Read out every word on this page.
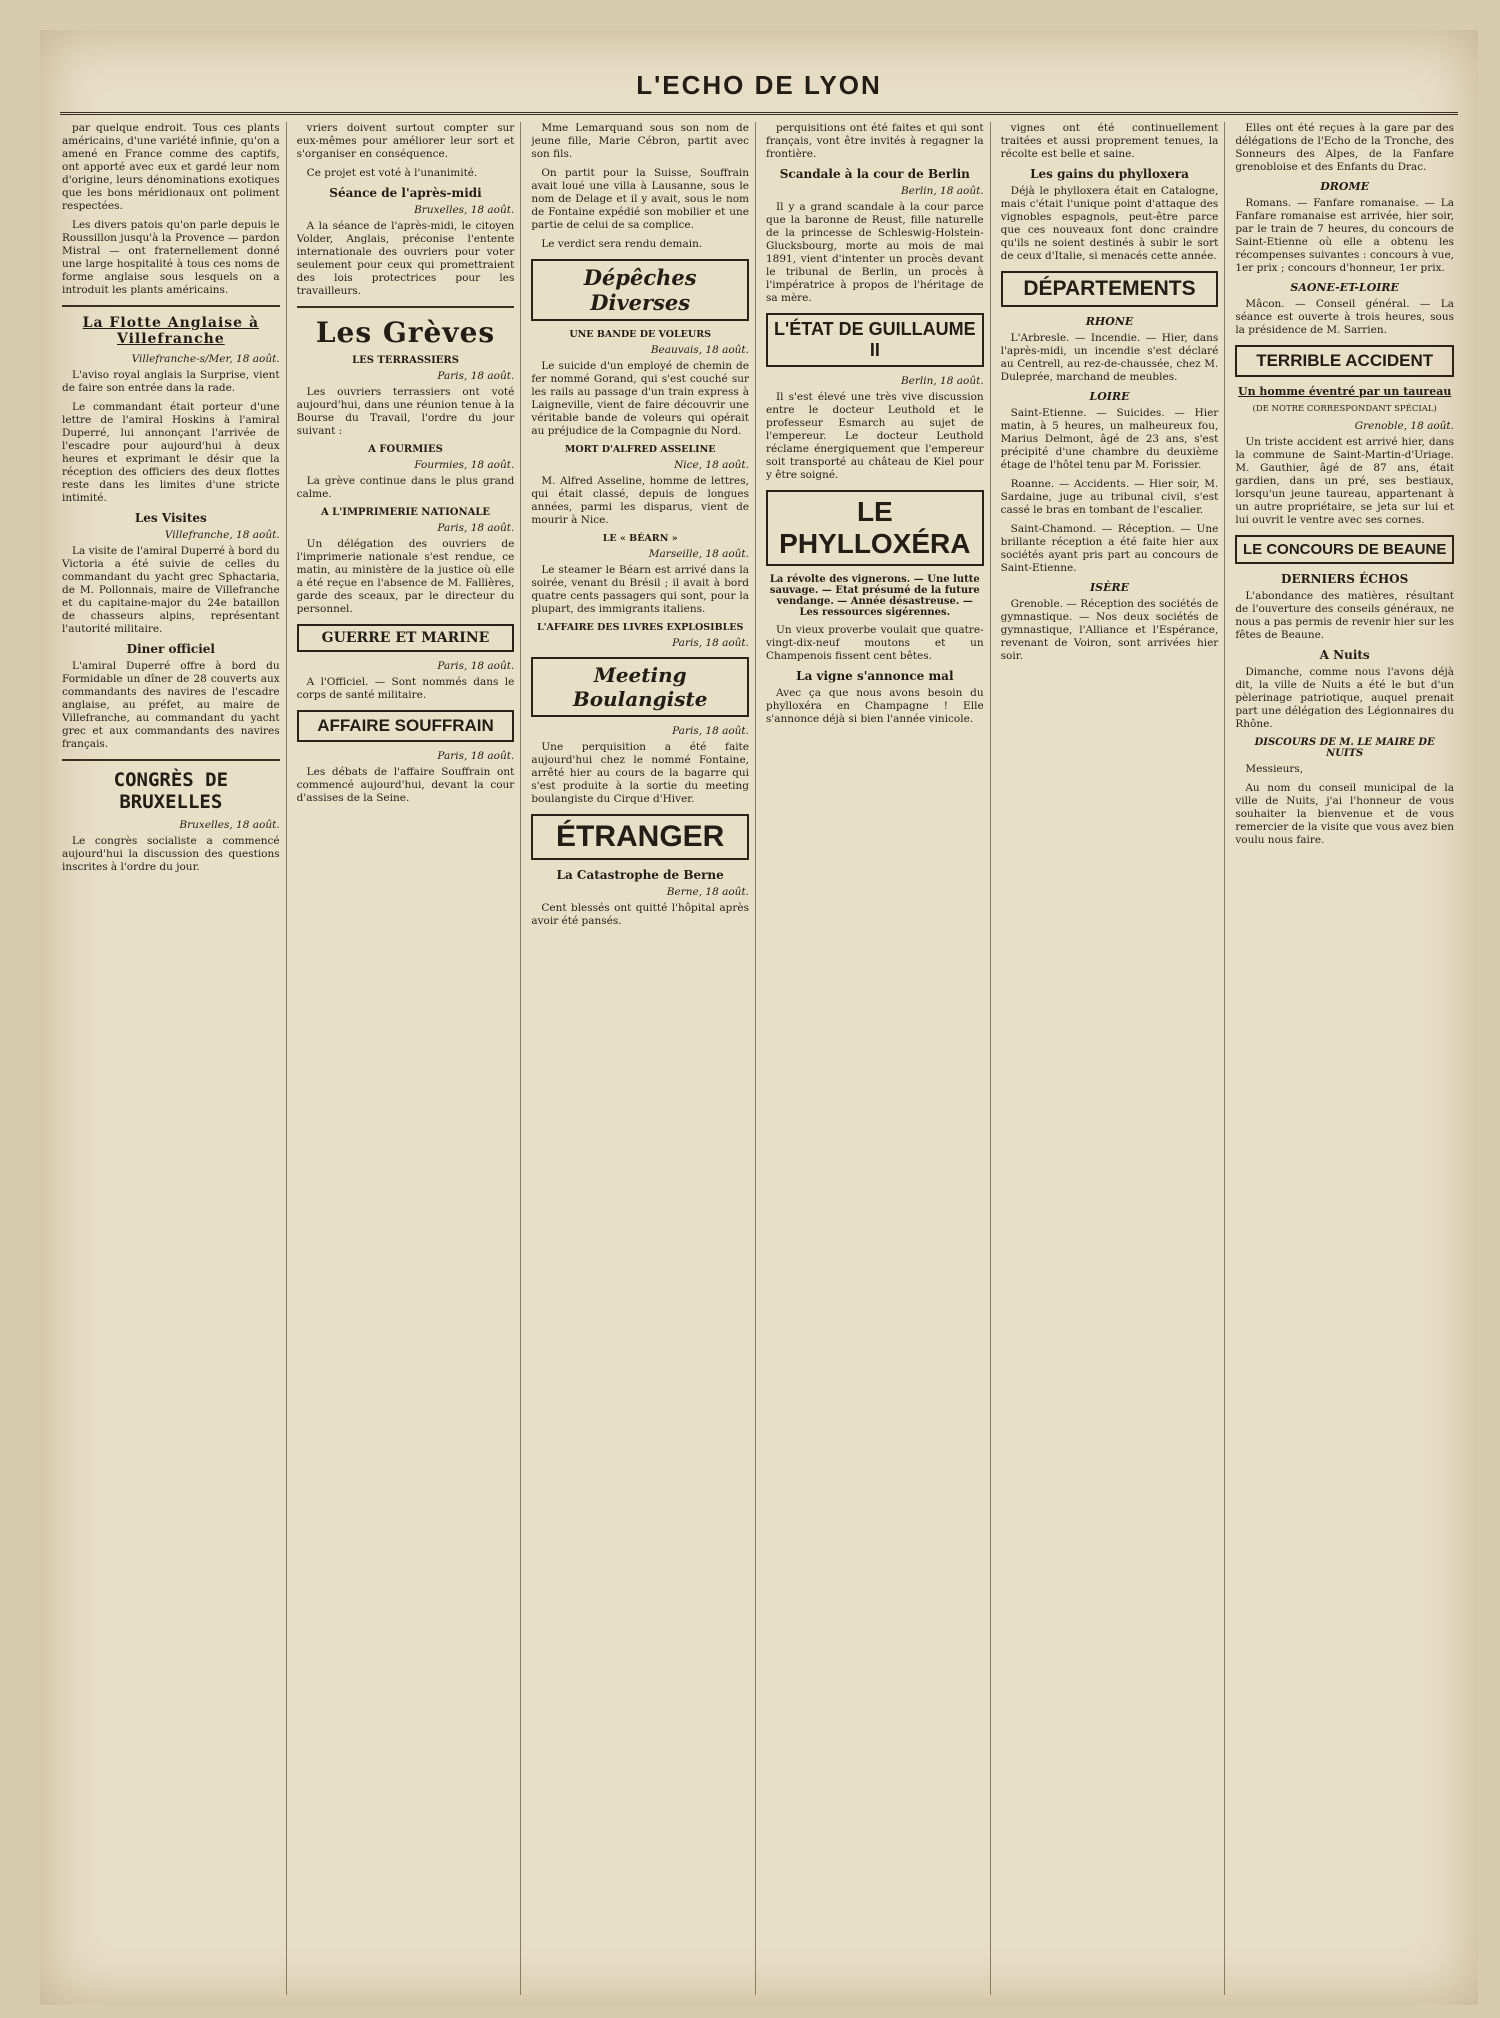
L'ECHO DE LYON

par quelque endroit. Tous ces plants américains, d'une variété infinie, qu'on a amené en France comme des captifs, ont apporté avec eux et gardé leur nom d'origine, leurs dénominations exotiques que les bons méridionaux ont poliment respectées.

Les divers patois qu'on parle depuis le Roussillon jusqu'à la Provence — pardon Mistral — ont fraternellement donné une large hospitalité à tous ces noms de forme anglaise sous lesquels on a introduit les plants américains.

La Flotte Anglaise à Villefranche
Villefranche-s/Mer, 18 août.

L'aviso royal anglais la Surprise, vient de faire son entrée dans la rade.

Le commandant était porteur d'une lettre de l'amiral Hoskins à l'amiral Duperré, lui annonçant l'arrivée de l'escadre pour aujourd'hui à deux heures et exprimant le désir que la réception des officiers des deux flottes reste dans les limites d'une stricte intimité.

Les Visites
Villefranche, 18 août.

La visite de l'amiral Duperré à bord du Victoria a été suivie de celles du commandant du yacht grec Sphactaria, de M. Pollonnais, maire de Villefranche et du capitaine-major du 24e bataillon de chasseurs alpins, représentant l'autorité militaire.

Diner officiel

L'amiral Duperré offre à bord du Formidable un dîner de 28 couverts aux commandants des navires de l'escadre anglaise, au préfet, au maire de Villefranche, au commandant du yacht grec et aux commandants des navires français.

CONGRÈS DE BRUXELLES
Bruxelles, 18 août.

Le congrès socialiste a commencé aujourd'hui la discussion des questions inscrites à l'ordre du jour.

vriers doivent surtout compter sur eux-mêmes pour améliorer leur sort et s'organiser en conséquence.

Ce projet est voté à l'unanimité.

Séance de l'après-midi
Bruxelles, 18 août.

A la séance de l'après-midi, le citoyen Volder, Anglais, préconise l'entente internationale des ouvriers pour voter seulement pour ceux qui promettraient des lois protectrices pour les travailleurs.

Les Grèves
LES TERRASSIERS
Paris, 18 août.

Les ouvriers terrassiers ont voté aujourd'hui, dans une réunion tenue à la Bourse du Travail, l'ordre du jour suivant :

A FOURMIES
Fourmies, 18 août.

La grève continue dans le plus grand calme.

A L'IMPRIMERIE NATIONALE
Paris, 18 août.

Un délégation des ouvriers de l'imprimerie nationale s'est rendue, ce matin, au ministère de la justice où elle a été reçue en l'absence de M. Fallières, garde des sceaux, par le directeur du personnel.

GUERRE ET MARINE
Paris, 18 août.

A l'Officiel. — Sont nommés dans le corps de santé militaire.

AFFAIRE SOUFFRAIN
Paris, 18 août.

Les débats de l'affaire Souffrain ont commencé aujourd'hui, devant la cour d'assises de la Seine.

Mme Lemarquand sous son nom de jeune fille, Marie Cébron, partit avec son fils.

On partit pour la Suisse, Souffrain avait loué une villa à Lausanne, sous le nom de Delage et il y avait, sous le nom de Fontaine expédié son mobilier et une partie de celui de sa complice.

Le verdict sera rendu demain.

Dépêches Diverses
UNE BANDE DE VOLEURS
Beauvais, 18 août.

Le suicide d'un employé de chemin de fer nommé Gorand, qui s'est couché sur les rails au passage d'un train express à Laigneville, vient de faire découvrir une véritable bande de voleurs qui opérait au préjudice de la Compagnie du Nord.

MORT D'ALFRED ASSELINE
Nice, 18 août.

M. Alfred Asseline, homme de lettres, qui était classé, depuis de longues années, parmi les disparus, vient de mourir à Nice.

LE « BÉARN »
Marseille, 18 août.

Le steamer le Béarn est arrivé dans la soirée, venant du Brésil ; il avait à bord quatre cents passagers qui sont, pour la plupart, des immigrants italiens.

L'AFFAIRE DES LIVRES EXPLOSIBLES
Paris, 18 août.
Meeting Boulangiste
Paris, 18 août.

Une perquisition a été faite aujourd'hui chez le nommé Fontaine, arrêté hier au cours de la bagarre qui s'est produite à la sortie du meeting boulangiste du Cirque d'Hiver.

ÉTRANGER
La Catastrophe de Berne
Berne, 18 août.

Cent blessés ont quitté l'hôpital après avoir été pansés.

perquisitions ont été faites et qui sont français, vont être invités à regagner la frontière.

Scandale à la cour de Berlin
Berlin, 18 août.

Il y a grand scandale à la cour parce que la baronne de Reust, fille naturelle de la princesse de Schleswig-Holstein-Glucksbourg, morte au mois de mai 1891, vient d'intenter un procès devant le tribunal de Berlin, un procès à l'impératrice à propos de l'héritage de sa mère.

L'ÉTAT DE GUILLAUME II
Berlin, 18 août.

Il s'est élevé une très vive discussion entre le docteur Leuthold et le professeur Esmarch au sujet de l'empereur. Le docteur Leuthold réclame énergiquement que l'empereur soit transporté au château de Kiel pour y être soigné.

LE PHYLLOXÉRA
La révolte des vignerons. — Une lutte sauvage. — Etat présumé de la future vendange. — Année désastreuse. — Les ressources sigérennes.

Un vieux proverbe voulait que quatre-vingt-dix-neuf moutons et un Champenois fissent cent bêtes.

La vigne s'annonce mal

Avec ça que nous avons besoin du phylloxéra en Champagne ! Elle s'annonce déjà si bien l'année vinicole.

vignes ont été continuellement traitées et aussi proprement tenues, la récolte est belle et saine.

Les gains du phylloxera

Déjà le phylloxera était en Catalogne, mais c'était l'unique point d'attaque des vignobles espagnols, peut-être parce que ces nouveaux font donc craindre qu'ils ne soient destinés à subir le sort de ceux d'Italie, si menacés cette année.

DÉPARTEMENTS
RHONE

L'Arbresle. — Incendie. — Hier, dans l'après-midi, un incendie s'est déclaré au Centrell, au rez-de-chaussée, chez M. Duleprée, marchand de meubles.

LOIRE

Saint-Etienne. — Suicides. — Hier matin, à 5 heures, un malheureux fou, Marius Delmont, âgé de 23 ans, s'est précipité d'une chambre du deuxième étage de l'hôtel tenu par M. Forissier.

Roanne. — Accidents. — Hier soir, M. Sardaine, juge au tribunal civil, s'est cassé le bras en tombant de l'escalier.

Saint-Chamond. — Réception. — Une brillante réception a été faite hier aux sociétés ayant pris part au concours de Saint-Etienne.

ISÈRE

Grenoble. — Réception des sociétés de gymnastique. — Nos deux sociétés de gymnastique, l'Alliance et l'Espérance, revenant de Voiron, sont arrivées hier soir.

Elles ont été reçues à la gare par des délégations de l'Echo de la Tronche, des Sonneurs des Alpes, de la Fanfare grenobloise et des Enfants du Drac.

DROME

Romans. — Fanfare romanaise. — La Fanfare romanaise est arrivée, hier soir, par le train de 7 heures, du concours de Saint-Etienne où elle a obtenu les récompenses suivantes : concours à vue, 1er prix ; concours d'honneur, 1er prix.

SAONE-ET-LOIRE

Mâcon. — Conseil général. — La séance est ouverte à trois heures, sous la présidence de M. Sarrien.

TERRIBLE ACCIDENT
Un homme éventré par un taureau
(DE NOTRE CORRESPONDANT SPÉCIAL)
Grenoble, 18 août.

Un triste accident est arrivé hier, dans la commune de Saint-Martin-d'Uriage. M. Gauthier, âgé de 87 ans, était gardien, dans un pré, ses bestiaux, lorsqu'un jeune taureau, appartenant à un autre propriétaire, se jeta sur lui et lui ouvrit le ventre avec ses cornes.

LE CONCOURS DE BEAUNE
DERNIERS ÉCHOS

L'abondance des matières, résultant de l'ouverture des conseils généraux, ne nous a pas permis de revenir hier sur les fêtes de Beaune.

A Nuits

Dimanche, comme nous l'avons déjà dit, la ville de Nuits a été le but d'un pèlerinage patriotique, auquel prenait part une délégation des Légionnaires du Rhône.

DISCOURS DE M. LE MAIRE DE NUITS

Messieurs,

Au nom du conseil municipal de la ville de Nuits, j'ai l'honneur de vous souhaiter la bienvenue et de vous remercier de la visite que vous avez bien voulu nous faire.
